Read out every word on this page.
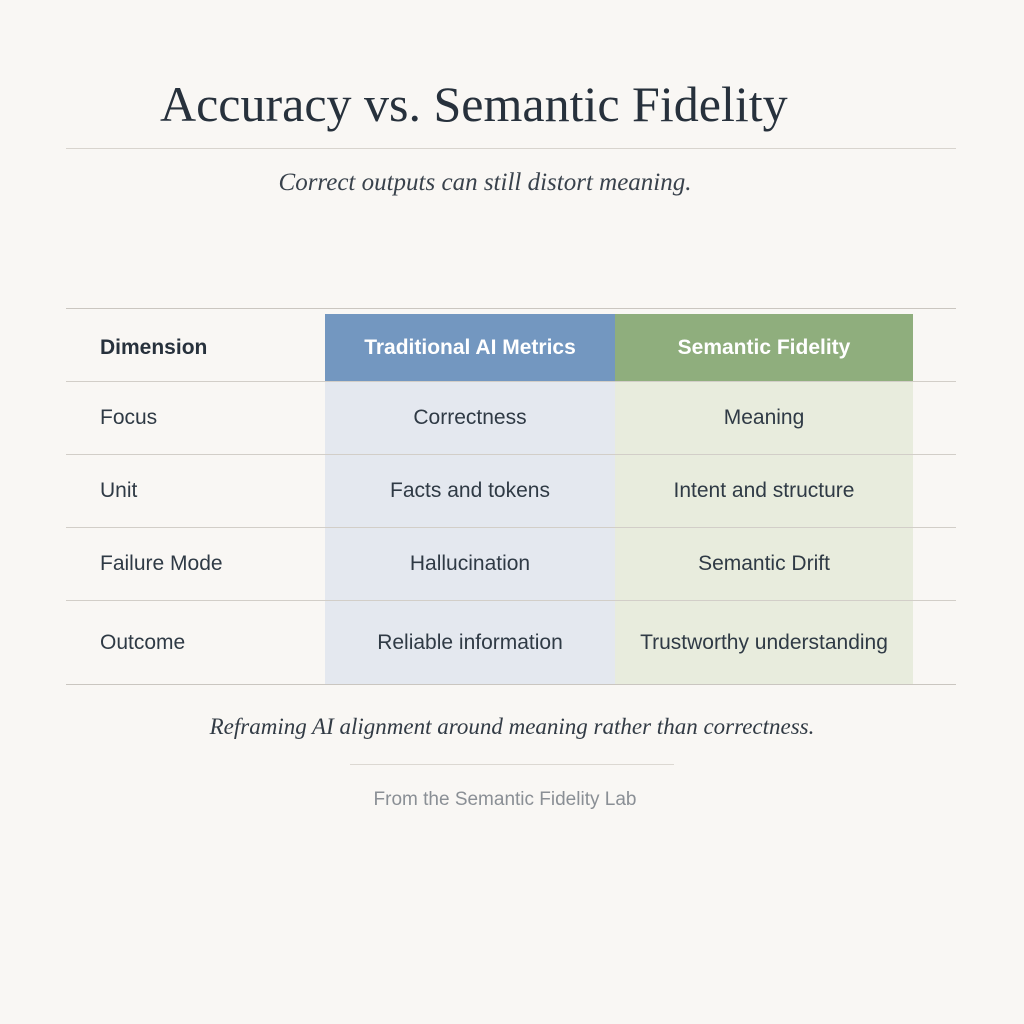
Accuracy vs. Semantic Fidelity
Correct outputs can still distort meaning.
Dimension	Traditional AI Metrics	Semantic Fidelity
Focus	Correctness	Meaning
Unit	Facts and tokens	Intent and structure
Failure Mode	Hallucination	Semantic Drift
Outcome	Reliable information	Trustworthy understanding
Reframing AI alignment around meaning rather than correctness.
From the Semantic Fidelity Lab
